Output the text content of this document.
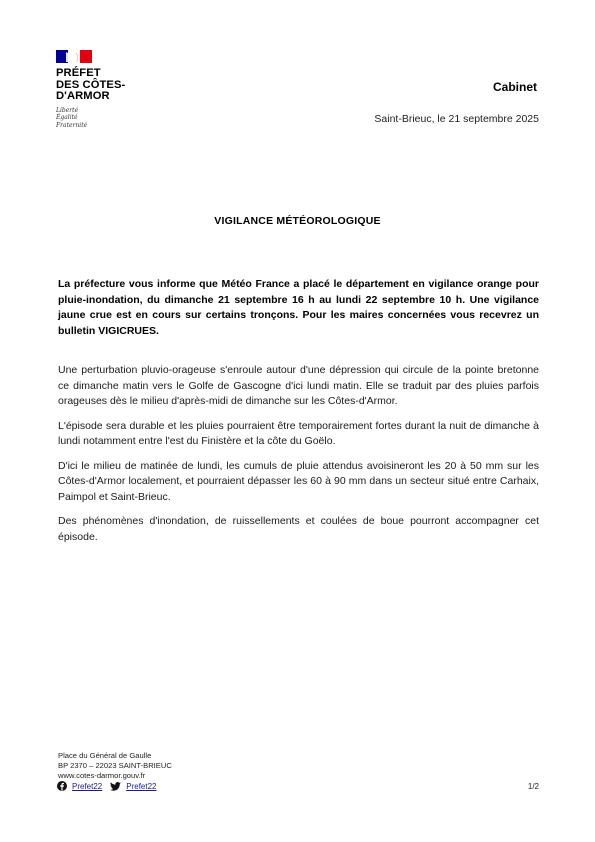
PRÉFET
DES CÔTES-
D'ARMOR
Liberté
Égalité
Fraternité
Cabinet
Saint-Brieuc, le 21 septembre 2025
VIGILANCE MÉTÉOROLOGIQUE

La préfecture vous informe que Météo France a placé le département en vigilance orange pour pluie-inondation, du dimanche 21 septembre 16 h au lundi 22 septembre 10 h. Une vigilance jaune crue est en cours sur certains tronçons. Pour les maires concernées vous recevrez un bulletin VIGICRUES.

Une perturbation pluvio-orageuse s'enroule autour d'une dépression qui circule de la pointe bretonne ce dimanche matin vers le Golfe de Gascogne d'ici lundi matin. Elle se traduit par des pluies parfois orageuses dès le milieu d'après-midi de dimanche sur les Côtes-d'Armor.

L'épisode sera durable et les pluies pourraient être temporairement fortes durant la nuit de dimanche à lundi notamment entre l'est du Finistère et la côte du Goëlo.

D'ici le milieu de matinée de lundi, les cumuls de pluie attendus avoisineront les 20 à 50 mm sur les Côtes-d'Armor localement, et pourraient dépasser les 60 à 90 mm dans un secteur situé entre Carhaix, Paimpol et Saint-Brieuc.

Des phénomènes d'inondation, de ruissellements et coulées de boue pourront accompagner cet épisode.

Place du Général de Gaulle
BP 2370 – 22023 SAINT-BRIEUC
www.cotes-darmor.gouv.fr
Prefet22	Prefet22	1/2
